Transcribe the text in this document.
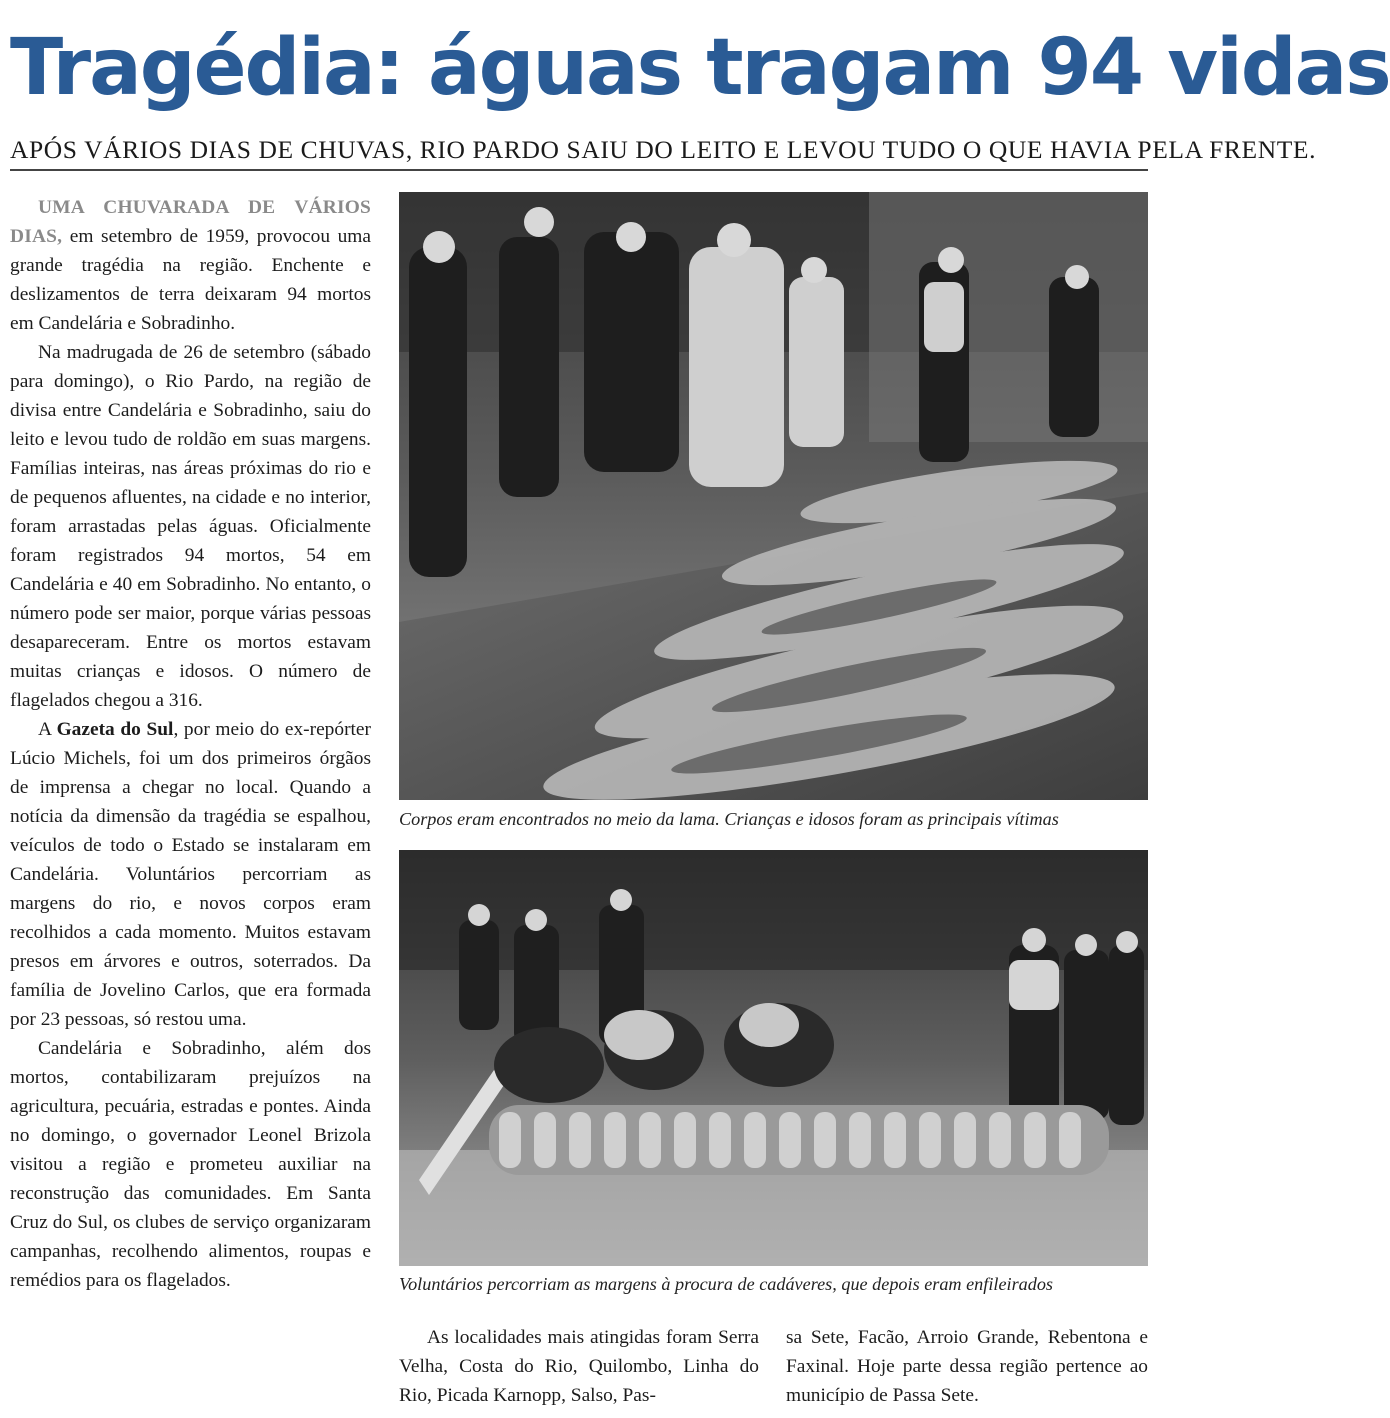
Tragédia: águas tragam 94 vidas
APÓS VÁRIOS DIAS DE CHUVAS, RIO PARDO SAIU DO LEITO E LEVOU TUDO O QUE HAVIA PELA FRENTE.

UMA CHUVARADA DE VÁRIOS DIAS, em setembro de 1959, provocou uma grande tragédia na região. Enchente e deslizamentos de terra deixaram 94 mortos em Candelária e Sobradinho.

Na madrugada de 26 de setembro (sábado para domingo), o Rio Pardo, na região de divisa entre Candelária e Sobradinho, saiu do leito e levou tudo de roldão em suas margens. Famílias inteiras, nas áreas próximas do rio e de pequenos afluentes, na cidade e no interior, foram arrastadas pelas águas. Oficialmente foram registrados 94 mortos, 54 em Candelária e 40 em Sobradinho. No entanto, o número pode ser maior, porque várias pessoas desapareceram. Entre os mortos estavam muitas crianças e idosos. O número de flagelados chegou a 316.

A Gazeta do Sul, por meio do ex-repórter Lúcio Michels, foi um dos primeiros órgãos de imprensa a chegar no local. Quando a notícia da dimensão da tragédia se espalhou, veículos de todo o Estado se instalaram em Candelária. Voluntários percorriam as margens do rio, e novos corpos eram recolhidos a cada momento. Muitos estavam presos em árvores e outros, soterrados. Da família de Jovelino Carlos, que era formada por 23 pessoas, só restou uma.

Candelária e Sobradinho, além dos mortos, contabilizaram prejuízos na agricultura, pecuária, estradas e pontes. Ainda no domingo, o governador Leonel Brizola visitou a região e prometeu auxiliar na reconstrução das comunidades. Em Santa Cruz do Sul, os clubes de serviço organizaram campanhas, recolhendo alimentos, roupas e remédios para os flagelados.

Corpos eram encontrados no meio da lama. Crianças e idosos foram as principais vítimas
Voluntários percorriam as margens à procura de cadáveres, que depois eram enfileirados

As localidades mais atingidas foram Serra Velha, Costa do Rio, Quilombo, Linha do Rio, Picada Karnopp, Salso, Pas-

sa Sete, Facão, Arroio Grande, Rebentona e Faxinal. Hoje parte dessa região pertence ao município de Passa Sete.
